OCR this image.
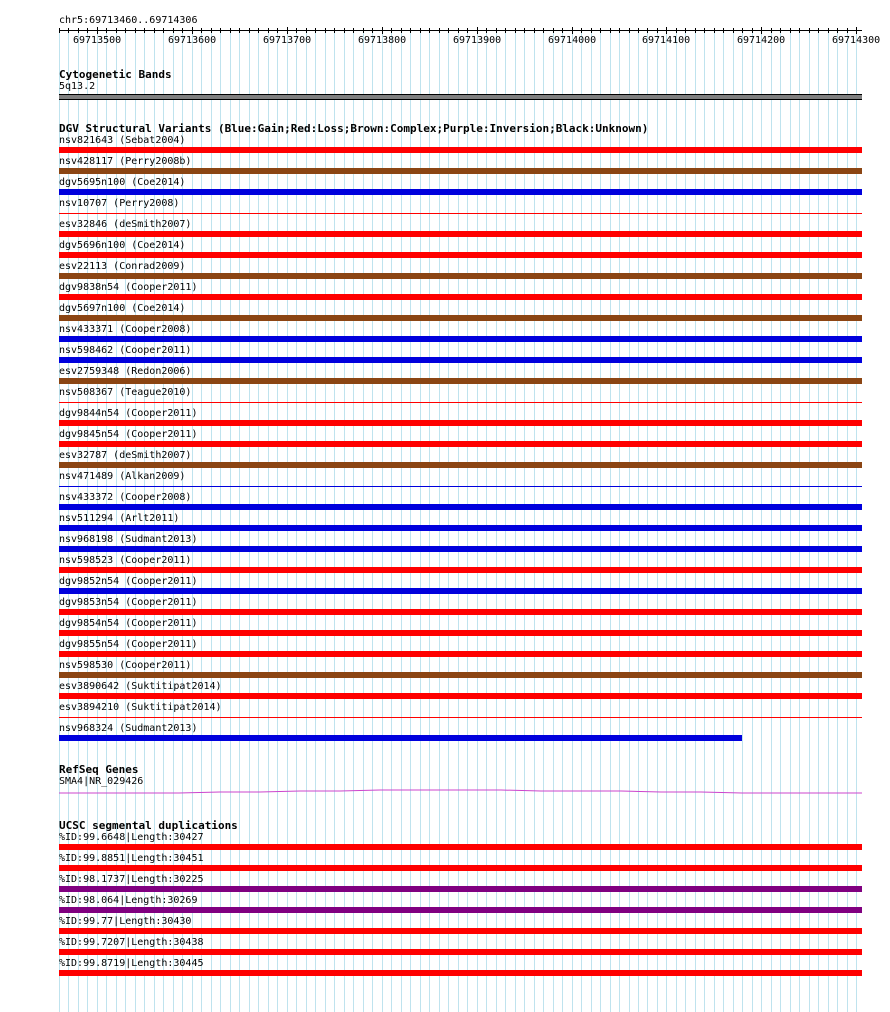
chr5:69713460..69714306
69713500	69713600	69713700	69713800	69713900	69714000	69714100	69714200	69714300
Cytogenetic Bands
5q13.2
DGV Structural Variants (Blue:Gain;Red:Loss;Brown:Complex;Purple:Inversion;Black:Unknown)
nsv821643 (Sebat2004)
nsv428117 (Perry2008b)
dgv5695n100 (Coe2014)
nsv10707 (Perry2008)
esv32846 (deSmith2007)
dgv5696n100 (Coe2014)
esv22113 (Conrad2009)
dgv9838n54 (Cooper2011)
dgv5697n100 (Coe2014)
nsv433371 (Cooper2008)
nsv598462 (Cooper2011)
esv2759348 (Redon2006)
nsv508367 (Teague2010)
dgv9844n54 (Cooper2011)
dgv9845n54 (Cooper2011)
esv32787 (deSmith2007)
nsv471489 (Alkan2009)
nsv433372 (Cooper2008)
nsv511294 (Arlt2011)
nsv968198 (Sudmant2013)
nsv598523 (Cooper2011)
dgv9852n54 (Cooper2011)
dgv9853n54 (Cooper2011)
dgv9854n54 (Cooper2011)
dgv9855n54 (Cooper2011)
nsv598530 (Cooper2011)
esv3890642 (Suktitipat2014)
esv3894210 (Suktitipat2014)
nsv968324 (Sudmant2013)
RefSeq Genes
SMA4|NR_029426
UCSC segmental duplications
%ID:99.6648|Length:30427
%ID:99.8851|Length:30451
%ID:98.1737|Length:30225
%ID:98.064|Length:30269
%ID:99.77|Length:30430
%ID:99.7207|Length:30438
%ID:99.8719|Length:30445
